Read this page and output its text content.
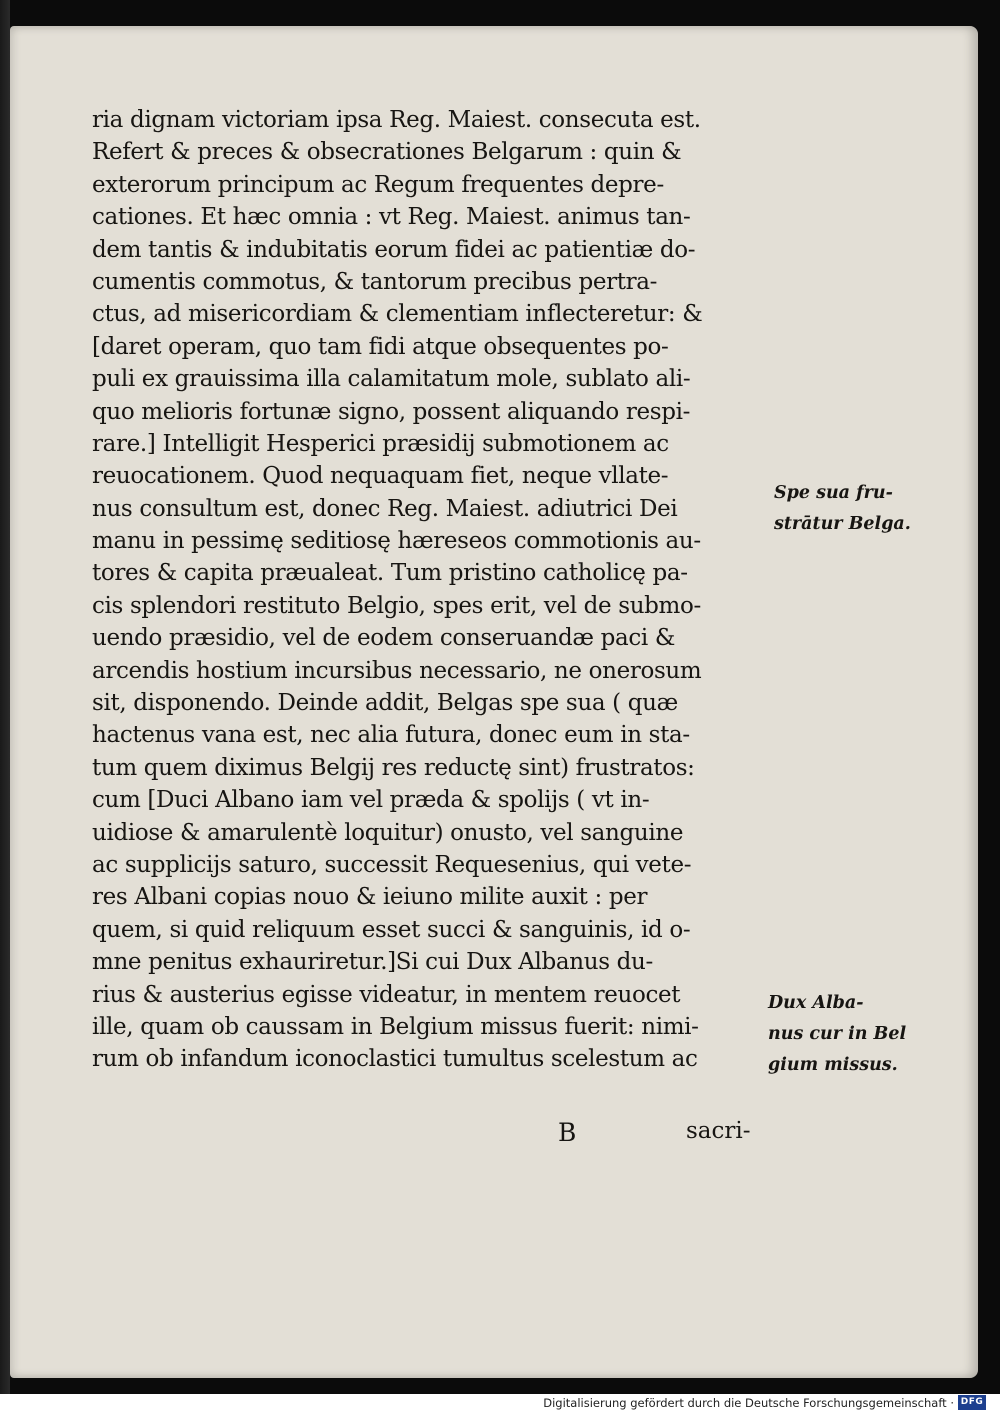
ria dignam victoriam ipsa Reg. Maiest. consecuta est.
Refert & preces & obsecrationes Belgarum : quin &
exterorum principum ac Regum frequentes depre-
cationes. Et hæc omnia : vt Reg. Maiest. animus tan-
dem tantis & indubitatis eorum fidei ac patientiæ do-
cumentis commotus, & tantorum precibus pertra-
ctus, ad misericordiam & clementiam inflecteretur: &
[daret operam, quo tam fidi atque obsequentes po-
puli ex grauissima illa calamitatum mole, sublato ali-
quo melioris fortunæ signo, possent aliquando respi-
rare.] Intelligit Hesperici præsidij submotionem ac
reuocationem. Quod nequaquam fiet, neque vllate-
nus consultum est, donec Reg. Maiest. adiutrici Dei
manu in pessimę seditiosę hæreseos commotionis au-
tores & capita præualeat. Tum pristino catholicę pa-
cis splendori restituto Belgio, spes erit, vel de submo-
uendo præsidio, vel de eodem conseruandæ paci &
arcendis hostium incursibus necessario, ne onerosum
sit, disponendo. Deinde addit, Belgas spe sua ( quæ
hactenus vana est, nec alia futura, donec eum in sta-
tum quem diximus Belgij res reductę sint) frustratos:
cum [Duci Albano iam vel præda & spolijs ( vt in-
uidiose & amarulentè loquitur) onusto, vel sanguine
ac supplicijs saturo, successit Requesenius, qui vete-
res Albani copias nouo & ieiuno milite auxit : per
quem, si quid reliquum esset succi & sanguinis, id o-
mne penitus exhauriretur.]Si cui Dux Albanus du-
rius & austerius egisse videatur, in mentem reuocet
ille, quam ob caussam in Belgium missus fuerit: nimi-
rum ob infandum iconoclastici tumultus scelestum ac
Spe sua fru-
strātur Belga.
Dux Alba-
nus cur in Bel
gium missus.
B	sacri-
Digitalisierung gefördert durch die Deutsche Forschungsgemeinschaft · DFG
